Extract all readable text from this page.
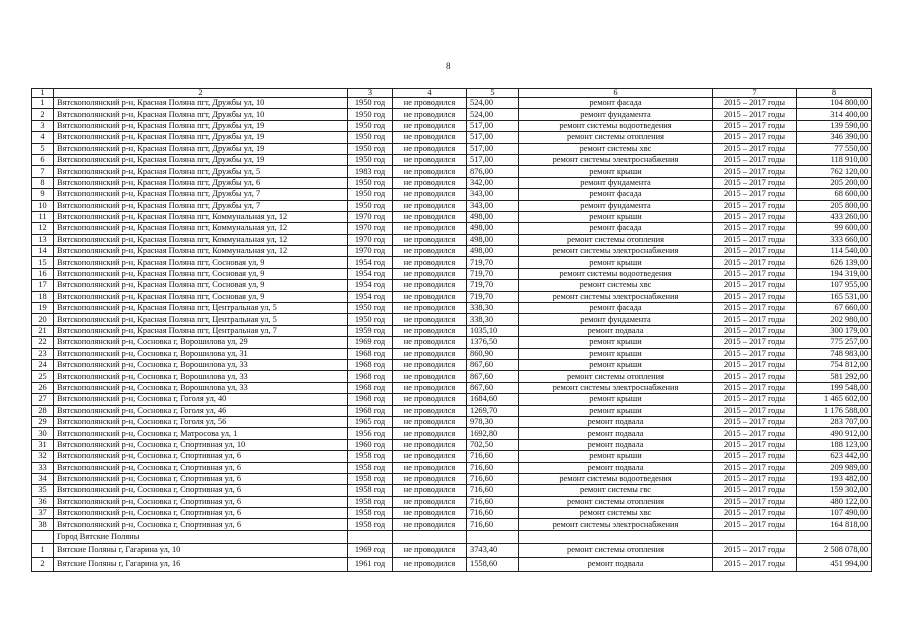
8
1	2	3	4	5	6	7	8
1	Вятскополянский р-н, Красная Поляна пгт, Дружбы ул, 10	1950 год	не проводился	524,00	ремонт фасада	2015 – 2017 годы	104 800,00
2	Вятскополянский р-н, Красная Поляна пгт, Дружбы ул, 10	1950 год	не проводился	524,00	ремонт фундамента	2015 – 2017 годы	314 400,00
3	Вятскополянский р-н, Красная Поляна пгт, Дружбы ул, 19	1950 год	не проводился	517,00	ремонт системы водоотведения	2015 – 2017 годы	139 590,00
4	Вятскополянский р-н, Красная Поляна пгт, Дружбы ул, 19	1950 год	не проводился	517,00	ремонт системы отопления	2015 – 2017 годы	346 390,00
5	Вятскополянский р-н, Красная Поляна пгт, Дружбы ул, 19	1950 год	не проводился	517,00	ремонт системы хвс	2015 – 2017 годы	77 550,00
6	Вятскополянский р-н, Красная Поляна пгт, Дружбы ул, 19	1950 год	не проводился	517,00	ремонт системы электроснабжения	2015 – 2017 годы	118 910,00
7	Вятскополянский р-н, Красная Поляна пгт, Дружбы ул, 5	1983 год	не проводился	876,00	ремонт крыши	2015 – 2017 годы	762 120,00
8	Вятскополянский р-н, Красная Поляна пгт, Дружбы ул, 6	1950 год	не проводился	342,00	ремонт фундамента	2015 – 2017 годы	205 200,00
9	Вятскополянский р-н, Красная Поляна пгт, Дружбы ул, 7	1950 год	не проводился	343,00	ремонт фасада	2015 – 2017 годы	68 600,00
10	Вятскополянский р-н, Красная Поляна пгт, Дружбы ул, 7	1950 год	не проводился	343,00	ремонт фундамента	2015 – 2017 годы	205 800,00
11	Вятскополянский р-н, Красная Поляна пгт, Коммунальная ул, 12	1970 год	не проводился	498,00	ремонт крыши	2015 – 2017 годы	433 260,00
12	Вятскополянский р-н, Красная Поляна пгт, Коммунальная ул, 12	1970 год	не проводился	498,00	ремонт фасада	2015 – 2017 годы	99 600,00
13	Вятскополянский р-н, Красная Поляна пгт, Коммунальная ул, 12	1970 год	не проводился	498,00	ремонт системы отопления	2015 – 2017 годы	333 660,00
14	Вятскополянский р-н, Красная Поляна пгт, Коммунальная ул, 12	1970 год	не проводился	498,00	ремонт системы электроснабжения	2015 – 2017 годы	114 540,00
15	Вятскополянский р-н, Красная Поляна пгт, Сосновая ул, 9	1954 год	не проводился	719,70	ремонт крыши	2015 – 2017 годы	626 139,00
16	Вятскополянский р-н, Красная Поляна пгт, Сосновая ул, 9	1954 год	не проводился	719,70	ремонт системы водоотведения	2015 – 2017 годы	194 319,00
17	Вятскополянский р-н, Красная Поляна пгт, Сосновая ул, 9	1954 год	не проводился	719,70	ремонт системы хвс	2015 – 2017 годы	107 955,00
18	Вятскополянский р-н, Красная Поляна пгт, Сосновая ул, 9	1954 год	не проводился	719,70	ремонт системы электроснабжения	2015 – 2017 годы	165 531,00
19	Вятскополянский р-н, Красная Поляна пгт, Центральная ул, 5	1950 год	не проводился	338,30	ремонт фасада	2015 – 2017 годы	67 660,00
20	Вятскополянский р-н, Красная Поляна пгт, Центральная ул, 5	1950 год	не проводился	338,30	ремонт фундамента	2015 – 2017 годы	202 980,00
21	Вятскополянский р-н, Красная Поляна пгт, Центральная ул, 7	1959 год	не проводился	1035,10	ремонт подвала	2015 – 2017 годы	300 179,00
22	Вятскополянский р-н, Сосновка г, Ворошилова ул, 29	1969 год	не проводился	1376,50	ремонт крыши	2015 – 2017 годы	775 257,00
23	Вятскополянский р-н, Сосновка г, Ворошилова ул, 31	1968 год	не проводился	860,90	ремонт крыши	2015 – 2017 годы	748 983,00
24	Вятскополянский р-н, Сосновка г, Ворошилова ул, 33	1968 год	не проводился	867,60	ремонт крыши	2015 – 2017 годы	754 812,00
25	Вятскополянский р-н, Сосновка г, Ворошилова ул, 33	1968 год	не проводился	867,60	ремонт системы отопления	2015 – 2017 годы	581 292,00
26	Вятскополянский р-н, Сосновка г, Ворошилова ул, 33	1968 год	не проводился	867,60	ремонт системы электроснабжения	2015 – 2017 годы	199 548,00
27	Вятскополянский р-н, Сосновка г, Гоголя ул, 40	1968 год	не проводился	1684,60	ремонт крыши	2015 – 2017 годы	1 465 602,00
28	Вятскополянский р-н, Сосновка г, Гоголя ул, 46	1968 год	не проводился	1269,70	ремонт крыши	2015 – 2017 годы	1 176 588,00
29	Вятскополянский р-н, Сосновка г, Гоголя ул, 56	1965 год	не проводился	978,30	ремонт подвала	2015 – 2017 годы	283 707,00
30	Вятскополянский р-н, Сосновка г, Матросова ул, 1	1956 год	не проводился	1692,80	ремонт подвала	2015 – 2017 годы	490 912,00
31	Вятскополянский р-н, Сосновка г, Спортивная ул, 10	1960 год	не проводился	702,50	ремонт подвала	2015 – 2017 годы	188 123,00
32	Вятскополянский р-н, Сосновка г, Спортивная ул, 6	1958 год	не проводился	716,60	ремонт крыши	2015 – 2017 годы	623 442,00
33	Вятскополянский р-н, Сосновка г, Спортивная ул, 6	1958 год	не проводился	716,60	ремонт подвала	2015 – 2017 годы	209 989,00
34	Вятскополянский р-н, Сосновка г, Спортивная ул, 6	1958 год	не проводился	716,60	ремонт системы водоотведения	2015 – 2017 годы	193 482,00
35	Вятскополянский р-н, Сосновка г, Спортивная ул, 6	1958 год	не проводился	716,60	ремонт системы гвс	2015 – 2017 годы	159 302,00
36	Вятскополянский р-н, Сосновка г, Спортивная ул, 6	1958 год	не проводился	716,60	ремонт системы отопления	2015 – 2017 годы	480 122,00
37	Вятскополянский р-н, Сосновка г, Спортивная ул, 6	1958 год	не проводился	716,60	ремонт системы хвс	2015 – 2017 годы	107 490,00
38	Вятскополянский р-н, Сосновка г, Спортивная ул, 6	1958 год	не проводился	716,60	ремонт системы электроснабжения	2015 – 2017 годы	164 818,00
	Город Вятские Поляны						
1	Вятские Поляны г, Гагарина ул, 10	1969 год	не проводился	3743,40	ремонт системы отопления	2015 – 2017 годы	2 508 078,00
2	Вятские Поляны г, Гагарина ул, 16	1961 год	не проводился	1558,60	ремонт подвала	2015 – 2017 годы	451 994,00
